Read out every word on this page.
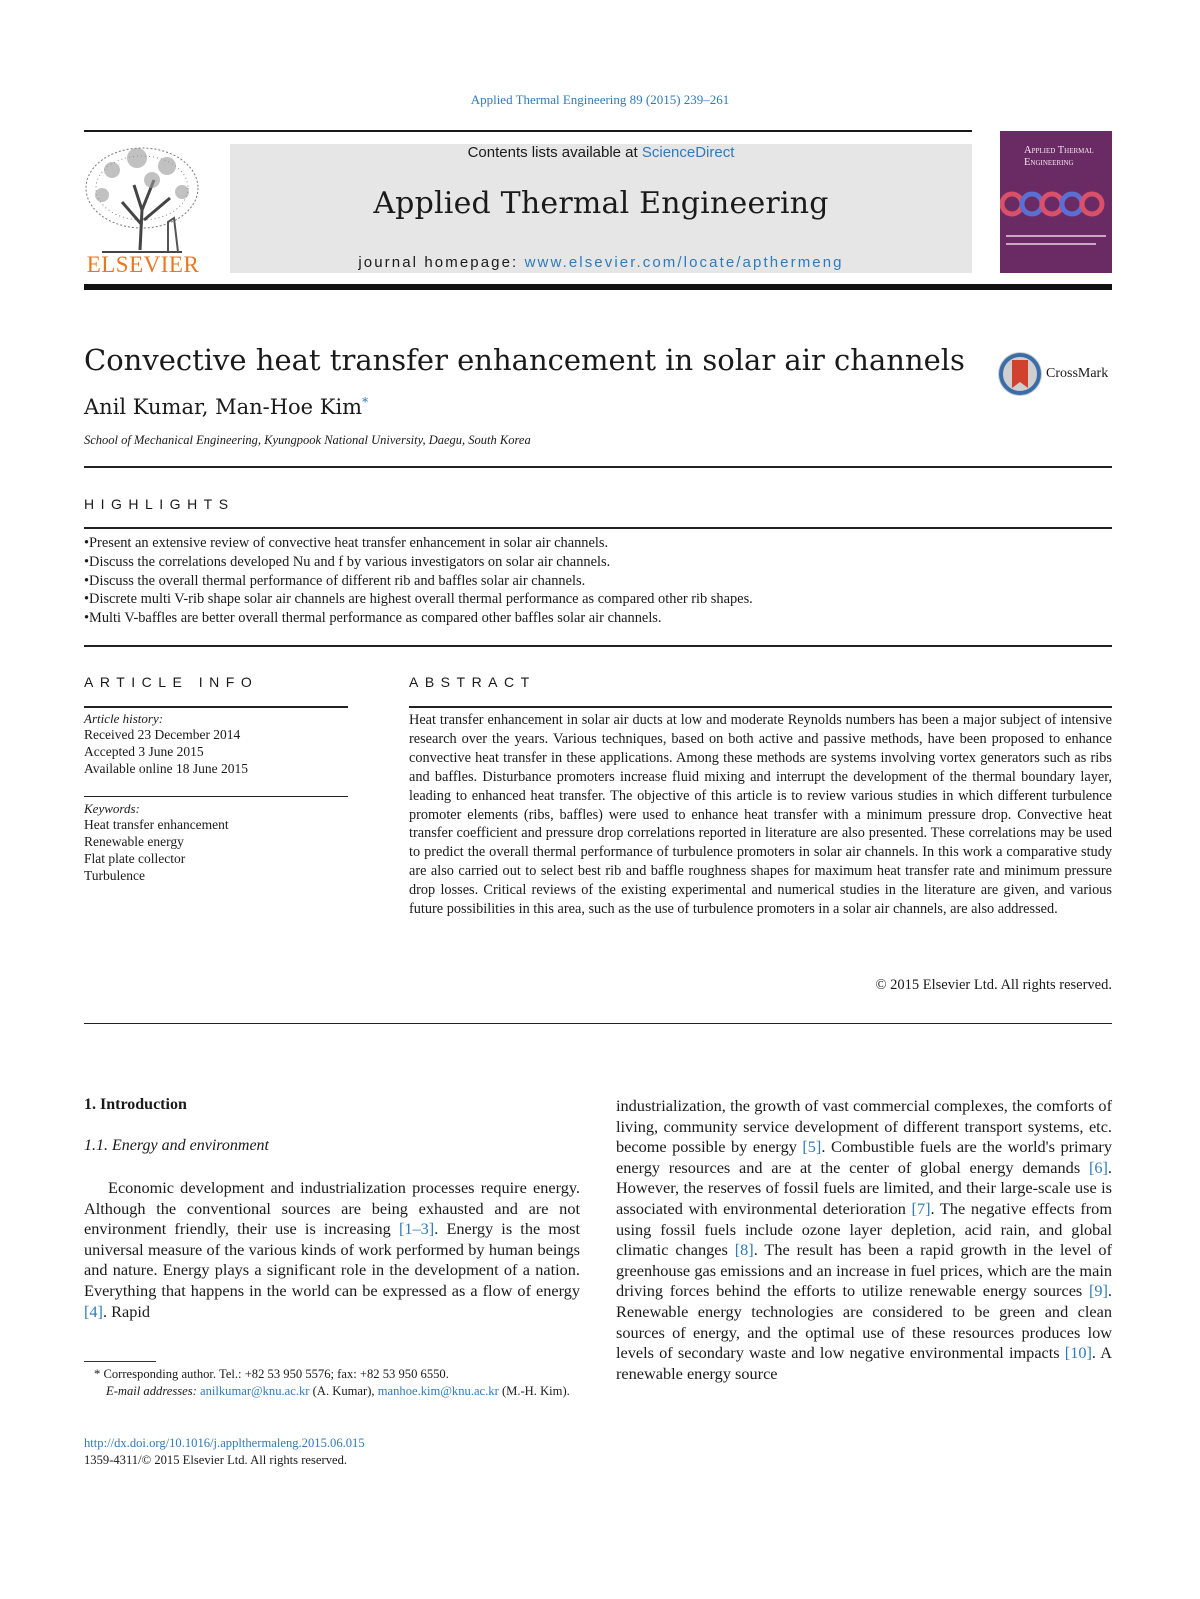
Applied Thermal Engineering 89 (2015) 239–261
ELSEVIER
Contents lists available at ScienceDirect
Applied Thermal Engineering
journal homepage: www.elsevier.com/locate/apthermeng
Applied Thermal Engineering
Convective heat transfer enhancement in solar air channels
Anil Kumar, Man-Hoe Kim*
School of Mechanical Engineering, Kyungpook National University, Daegu, South Korea
CrossMark
HIGHLIGHTS
• Present an extensive review of convective heat transfer enhancement in solar air channels.
• Discuss the correlations developed Nu and f by various investigators on solar air channels.
• Discuss the overall thermal performance of different rib and baffles solar air channels.
• Discrete multi V-rib shape solar air channels are highest overall thermal performance as compared other rib shapes.
• Multi V-baffles are better overall thermal performance as compared other baffles solar air channels.
ARTICLE INFO
Article history:
Received 23 December 2014
Accepted 3 June 2015
Available online 18 June 2015
Keywords:
Heat transfer enhancement
Renewable energy
Flat plate collector
Turbulence
ABSTRACT
Heat transfer enhancement in solar air ducts at low and moderate Reynolds numbers has been a major subject of intensive research over the years. Various techniques, based on both active and passive methods, have been proposed to enhance convective heat transfer in these applications. Among these methods are systems involving vortex generators such as ribs and baffles. Disturbance promoters increase fluid mixing and interrupt the development of the thermal boundary layer, leading to enhanced heat transfer. The objective of this article is to review various studies in which different turbulence promoter elements (ribs, baffles) were used to enhance heat transfer with a minimum pressure drop. Convective heat transfer coefficient and pressure drop correlations reported in literature are also presented. These correlations may be used to predict the overall thermal performance of turbulence promoters in solar air channels. In this work a comparative study are also carried out to select best rib and baffle roughness shapes for maximum heat transfer rate and minimum pressure drop losses. Critical reviews of the existing experimental and numerical studies in the literature are given, and various future possibilities in this area, such as the use of turbulence promoters in a solar air channels, are also addressed.
© 2015 Elsevier Ltd. All rights reserved.
1. Introduction
1.1. Energy and environment
Economic development and industrialization processes require energy. Although the conventional sources are being exhausted and are not environment friendly, their use is increasing [1–3]. Energy is the most universal measure of the various kinds of work performed by human beings and nature. Energy plays a significant role in the development of a nation. Everything that happens in the world can be expressed as a flow of energy [4]. Rapid
industrialization, the growth of vast commercial complexes, the comforts of living, community service development of different transport systems, etc. become possible by energy [5]. Combustible fuels are the world's primary energy resources and are at the center of global energy demands [6]. However, the reserves of fossil fuels are limited, and their large-scale use is associated with environmental deterioration [7]. The negative effects from using fossil fuels include ozone layer depletion, acid rain, and global climatic changes [8]. The result has been a rapid growth in the level of greenhouse gas emissions and an increase in fuel prices, which are the main driving forces behind the efforts to utilize renewable energy sources [9]. Renewable energy technologies are considered to be green and clean sources of energy, and the optimal use of these resources produces low levels of secondary waste and low negative environmental impacts [10]. A renewable energy source
* Corresponding author. Tel.: +82 53 950 5576; fax: +82 53 950 6550.
E-mail addresses: anilkumar@knu.ac.kr (A. Kumar), manhoe.kim@knu.ac.kr (M.-H. Kim).
http://dx.doi.org/10.1016/j.applthermaleng.2015.06.015
1359-4311/© 2015 Elsevier Ltd. All rights reserved.
